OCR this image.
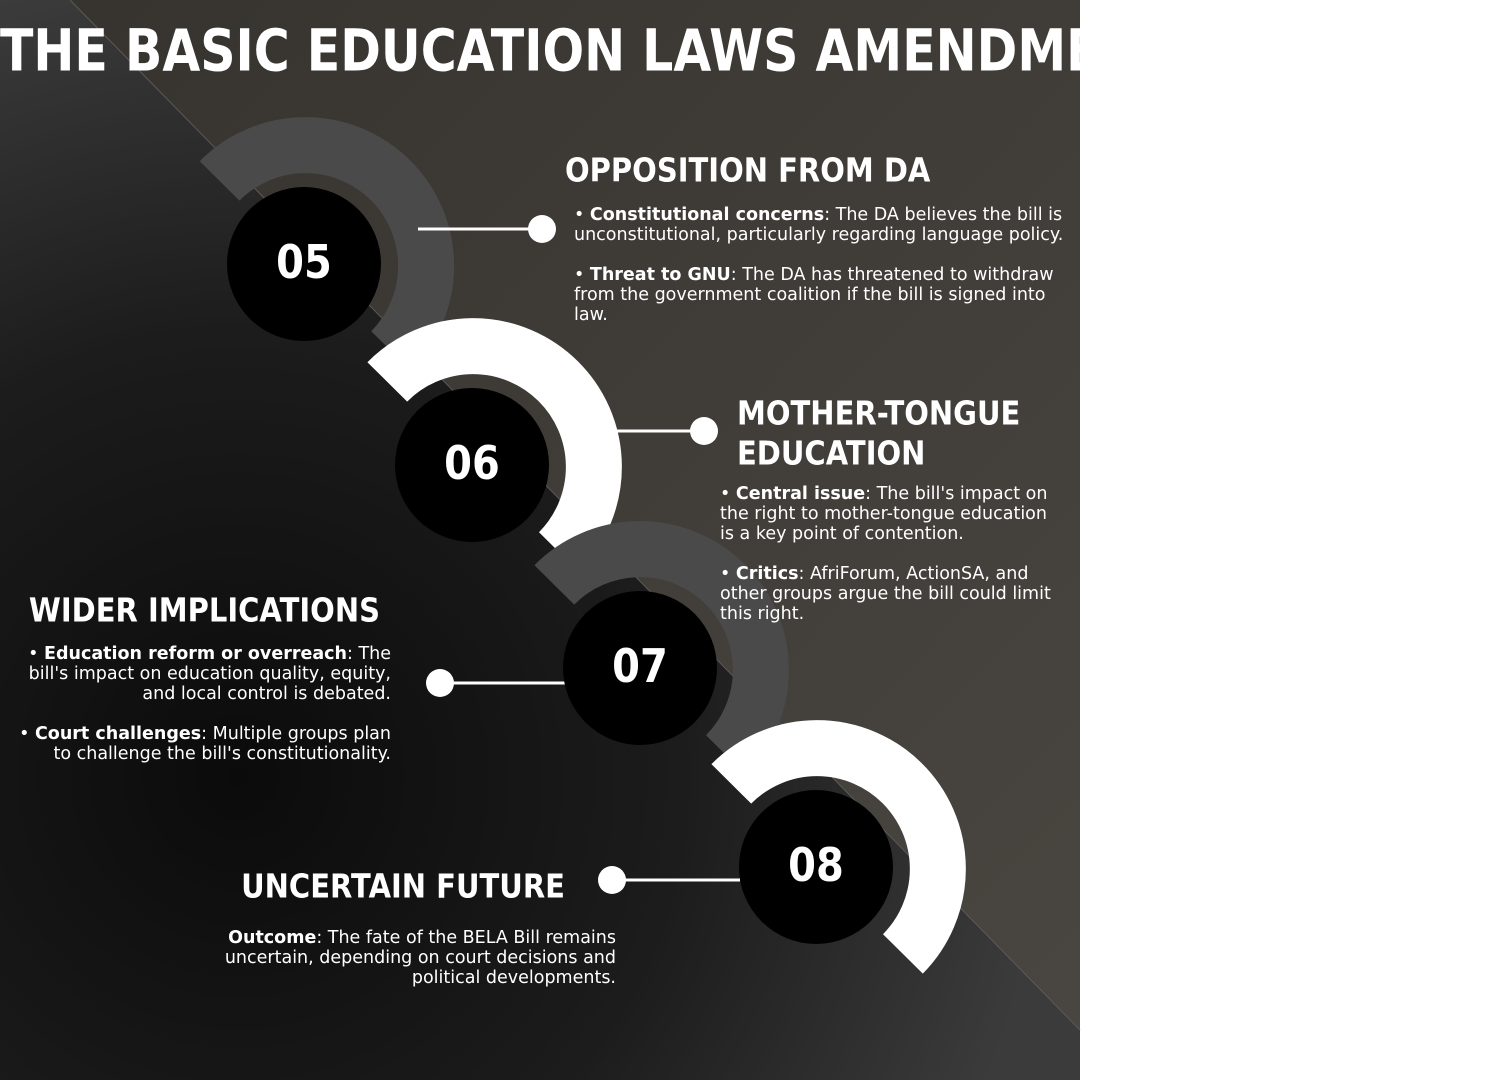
THE BASIC EDUCATION LAWS AMENDMENT (BELA) BILL
05
06
07
08
OPPOSITION FROM DA

• Constitutional concerns: The DA believes the bill is unconstitutional, particularly regarding language policy.

• Threat to GNU: The DA has threatened to withdraw from the government coalition if the bill is signed into law.

MOTHER-TONGUE
EDUCATION

• Central issue: The bill's impact on the right to mother-tongue education is a key point of contention.

• Critics: AfriForum, ActionSA, and other groups argue the bill could limit this right.

WIDER IMPLICATIONS

• Education reform or overreach: The bill's impact on education quality, equity, and local control is debated.

• Court challenges: Multiple groups plan to challenge the bill's constitutionality.

UNCERTAIN FUTURE

Outcome: The fate of the BELA Bill remains uncertain, depending on court decisions and political developments.
